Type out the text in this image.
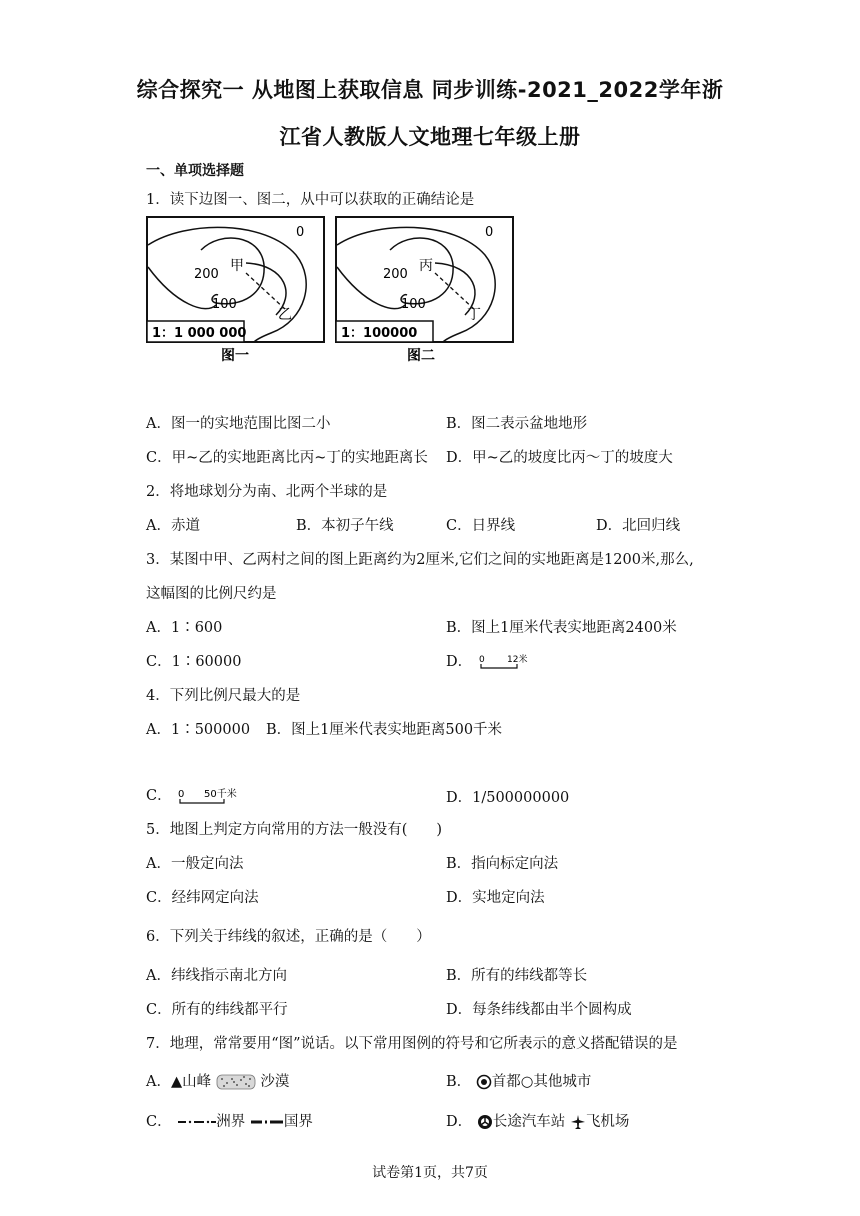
综合探究一 从地图上获取信息 同步训练-2021_2022学年浙
江省人教版人文地理七年级上册
一、单项选择题
1．读下边图一、图二，从中可以获取的正确结论是
0
200
100
甲
乙
1：1 000 000
图一
0
200
100
丙
丁
1：100000
图二
A．图一的实地范围比图二小	B．图二表示盆地地形
C．甲~乙的实地距离比丙~丁的实地距离长 D．甲~乙的坡度比丙～丁的坡度大
2．将地球划分为南、北两个半球的是
A．赤道	B．本初子午线	C．日界线	D．北回归线
3．某图中甲、乙两村之间的图上距离约为2厘米,它们之间的实地距离是1200米,那么,
这幅图的比例尺约是
A．1∶600	B．图上1厘米代表实地距离2400米
C．1∶60000	D． 0 12米
4．下列比例尺最大的是
A．1∶500000 B．图上1厘米代表实地距离500千米
C． 0 50千米	D．1/500000000
5．地图上判定方向常用的方法一般没有(　　)
A．一般定向法	B．指向标定向法
C．经纬网定向法	D．实地定向法
6．下列关于纬线的叙述，正确的是（　　）
A．纬线指示南北方向	B．所有的纬线都等长
C．所有的纬线都平行	D．每条纬线都由半个圆构成
7．地理，常常要用“图”说话。以下常用图例的符号和它所表示的意义搭配错误的是
A．▲山峰	沙漠	B． 首都○其他城市
C．	洲界	国界	D． 长途汽车站 飞机场
试卷第1页，共7页
